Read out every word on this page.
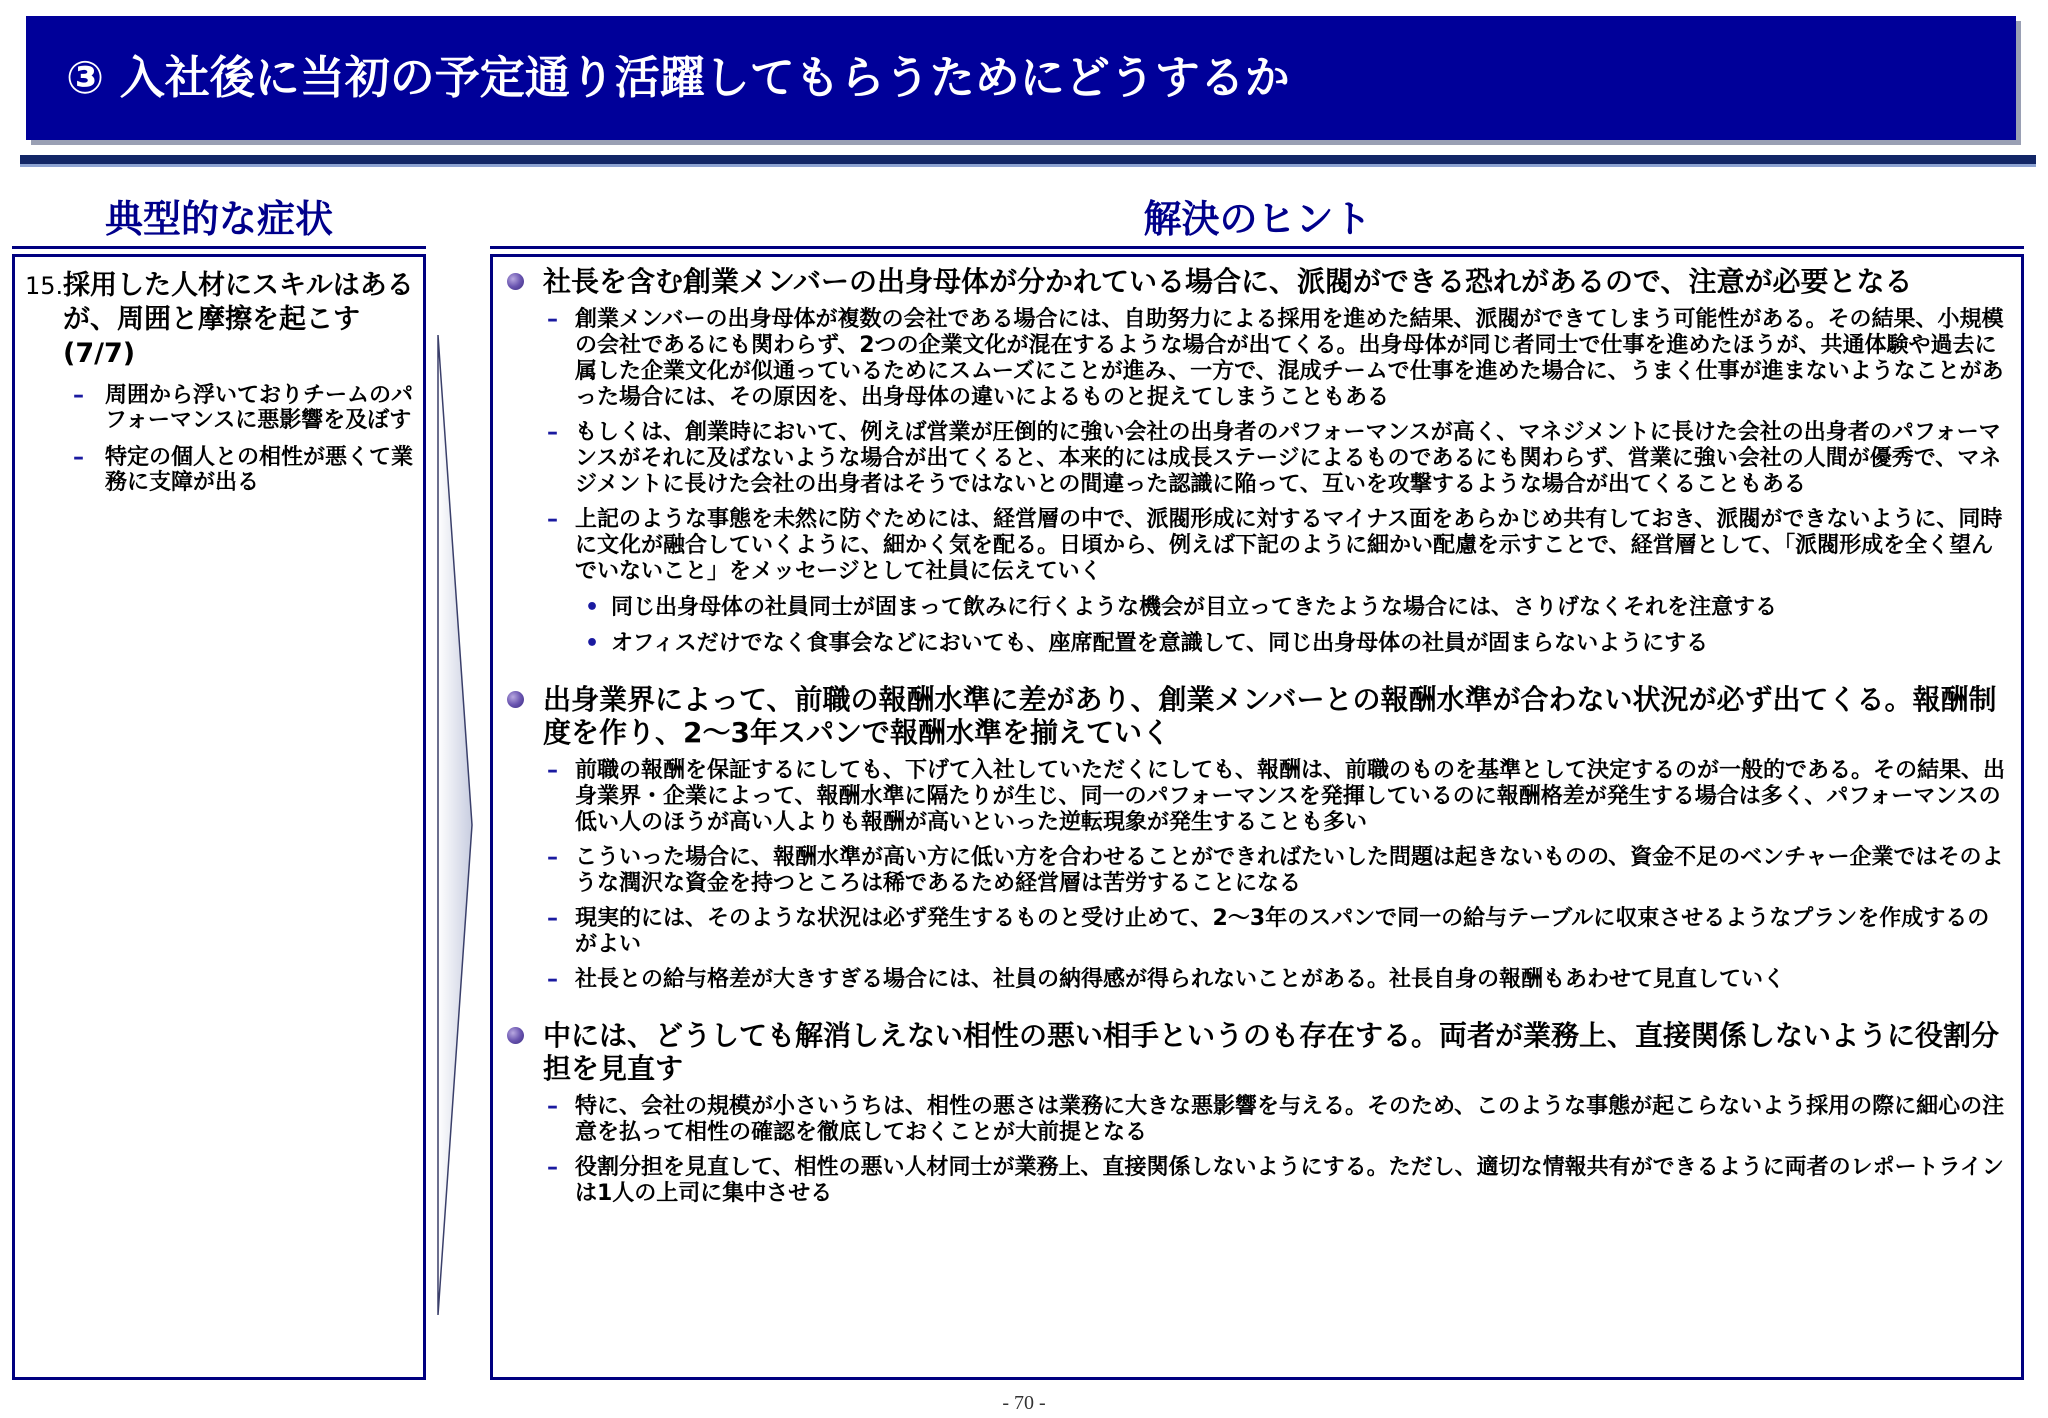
③ 入社後に当初の予定通り活躍してもらうためにどうするか
典型的な症状	解決のヒント
15. 採用した人材にスキルはあるが、周囲と摩擦を起こす(7/7)
– 周囲から浮いておりチームのパフォーマンスに悪影響を及ぼす
– 特定の個人との相性が悪くて業務に支障が出る
社長を含む創業メンバーの出身母体が分かれている場合に、派閥ができる恐れがあるので、注意が必要となる
– 創業メンバーの出身母体が複数の会社である場合には、自助努力による採用を進めた結果、派閥ができてしまう可能性がある。その結果、小規模の会社であるにも関わらず、2つの企業文化が混在するような場合が出てくる。出身母体が同じ者同士で仕事を進めたほうが、共通体験や過去に属した企業文化が似通っているためにスムーズにことが進み、一方で、混成チームで仕事を進めた場合に、うまく仕事が進まないようなことがあった場合には、その原因を、出身母体の違いによるものと捉えてしまうこともある
– もしくは、創業時において、例えば営業が圧倒的に強い会社の出身者のパフォーマンスが高く、マネジメントに長けた会社の出身者のパフォーマンスがそれに及ばないような場合が出てくると、本来的には成長ステージによるものであるにも関わらず、営業に強い会社の人間が優秀で、マネジメントに長けた会社の出身者はそうではないとの間違った認識に陥って、互いを攻撃するような場合が出てくることもある
– 上記のような事態を未然に防ぐためには、経営層の中で、派閥形成に対するマイナス面をあらかじめ共有しておき、派閥ができないように、同時に文化が融合していくように、細かく気を配る。日頃から、例えば下記のように細かい配慮を示すことで、経営層として、「派閥形成を全く望んでいないこと」をメッセージとして社員に伝えていく
• 同じ出身母体の社員同士が固まって飲みに行くような機会が目立ってきたような場合には、さりげなくそれを注意する
• オフィスだけでなく食事会などにおいても、座席配置を意識して、同じ出身母体の社員が固まらないようにする
出身業界によって、前職の報酬水準に差があり、創業メンバーとの報酬水準が合わない状況が必ず出てくる。報酬制度を作り、2～3年スパンで報酬水準を揃えていく
– 前職の報酬を保証するにしても、下げて入社していただくにしても、報酬は、前職のものを基準として決定するのが一般的である。その結果、出身業界・企業によって、報酬水準に隔たりが生じ、同一のパフォーマンスを発揮しているのに報酬格差が発生する場合は多く、パフォーマンスの低い人のほうが高い人よりも報酬が高いといった逆転現象が発生することも多い
– こういった場合に、報酬水準が高い方に低い方を合わせることができればたいした問題は起きないものの、資金不足のベンチャー企業ではそのような潤沢な資金を持つところは稀であるため経営層は苦労することになる
– 現実的には、そのような状況は必ず発生するものと受け止めて、2～3年のスパンで同一の給与テーブルに収束させるようなプランを作成するのがよい
– 社長との給与格差が大きすぎる場合には、社員の納得感が得られないことがある。社長自身の報酬もあわせて見直していく
中には、どうしても解消しえない相性の悪い相手というのも存在する。両者が業務上、直接関係しないように役割分担を見直す
– 特に、会社の規模が小さいうちは、相性の悪さは業務に大きな悪影響を与える。そのため、このような事態が起こらないよう採用の際に細心の注意を払って相性の確認を徹底しておくことが大前提となる
– 役割分担を見直して、相性の悪い人材同士が業務上、直接関係しないようにする。ただし、適切な情報共有ができるように両者のレポートラインは1人の上司に集中させる
- 70 -
